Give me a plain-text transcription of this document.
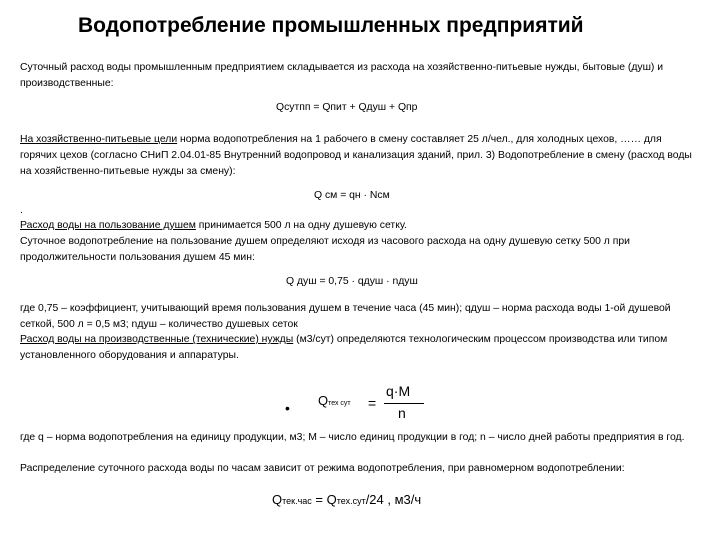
Водопотребление промышленных предприятий
Суточный расход воды промышленным предприятием складывается из расхода на хозяйственно-питьевые нужды, бытовые (душ) и производственные:
Qсутпп = Qпит + Qдуш + Qпр
На хозяйственно-питьевые цели норма водопотребления на 1 рабочего в смену составляет 25 л/чел., для холодных цехов, …… для горячих цехов (согласно СНиП 2.04.01-85 Внутренний водопровод и канализация зданий, прил. 3) Водопотребление в смену (расход воды на хозяйственно-питьевые нужды за смену):
Q см = qн · Nсм
.
Расход воды на пользование душем принимается 500 л на одну душевую сетку.
Суточное водопотребление на пользование душем определяют исходя из часового расхода на одну душевую сетку 500 л при продолжительности пользования душем 45 мин:
Q душ = 0,75 · qдуш · nдуш
где 0,75 – коэффициент, учитывающий время пользования душем в течение часа (45 мин); qдуш – норма расхода воды 1-ой душевой сеткой, 500 л = 0,5 м3; nдуш – количество душевых сеток
Расход воды на производственные (технические) нужды (м3/сут) определяются технологическим процессом производства или типом установленного оборудования и аппаратуры.
• Qтех сут =
q·M
n
где q – норма водопотребления на единицу продукции, м3; М – число единиц продукции в год; n – число дней работы предприятия в год.
Распределение суточного расхода воды по часам зависит от режима водопотребления, при равномерном водопотреблении:
Qтек.час = Qтех.сут/24 , м3/ч
